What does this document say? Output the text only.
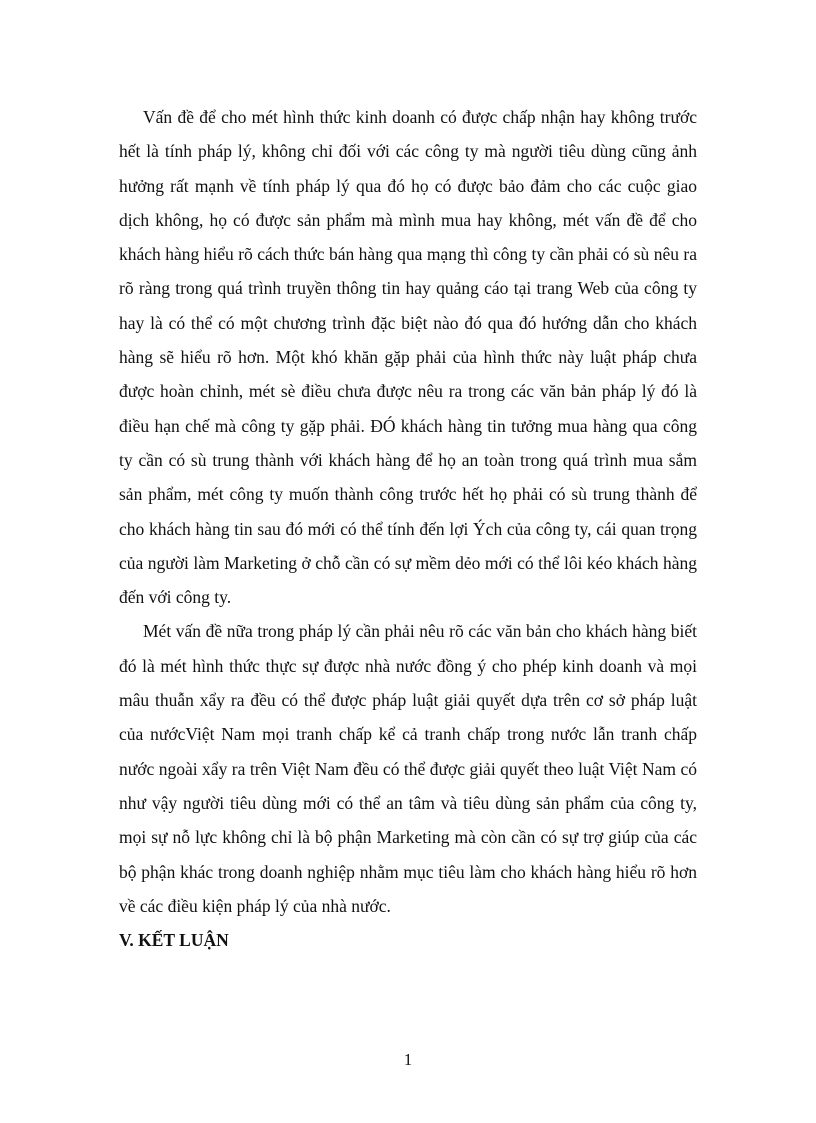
Vấn đề để cho mét hình thức kinh doanh có được chấp nhận hay không trước hết là tính pháp lý, không chỉ đối với các công ty mà người tiêu dùng cũng ảnh hưởng rất mạnh về tính pháp lý qua đó họ có được bảo đảm cho các cuộc giao dịch không, họ có được sản phẩm mà mình mua hay không, mét vấn đề để cho khách hàng hiểu rõ cách thức bán hàng qua mạng thì công ty cần phải có sù nêu ra rõ ràng trong quá trình truyền thông tin hay quảng cáo tại trang Web của công ty hay là có thể có một chương trình đặc biệt nào đó qua đó hướng dẫn cho khách hàng sẽ hiểu rõ hơn. Một khó khăn gặp phải của hình thức này luật pháp chưa được hoàn chỉnh, mét sè điều chưa được nêu ra trong các văn bản pháp lý đó là điều hạn chế mà công ty gặp phải. ĐÓ khách hàng tin tưởng mua hàng qua công ty cần có sù trung thành với khách hàng để họ an toàn trong quá trình mua sắm sản phẩm, mét công ty muốn thành công trước hết họ phải có sù trung thành để cho khách hàng tin sau đó mới có thể tính đến lợi Ých của công ty, cái quan trọng của người làm Marketing ở chỗ cần có sự mềm dẻo mới có thể lôi kéo khách hàng đến với công ty.

Mét vấn đề nữa trong pháp lý cần phải nêu rõ các văn bản cho khách hàng biết đó là mét hình thức thực sự được nhà nước đồng ý cho phép kinh doanh và mọi mâu thuẫn xẩy ra đều có thể được pháp luật giải quyết dựa trên cơ sở pháp luật của nướcViệt Nam mọi tranh chấp kể cả tranh chấp trong nước lẫn tranh chấp nước ngoài xẩy ra trên Việt Nam đều có thể được giải quyết theo luật Việt Nam có như vậy người tiêu dùng mới có thể an tâm và tiêu dùng sản phẩm của công ty, mọi sự nỗ lực không chỉ là bộ phận Marketing mà còn cần có sự trợ giúp của các bộ phận khác trong doanh nghiệp nhằm mục tiêu làm cho khách hàng hiểu rõ hơn về các điều kiện pháp lý của nhà nước.

V. KẾT LUẬN

1
